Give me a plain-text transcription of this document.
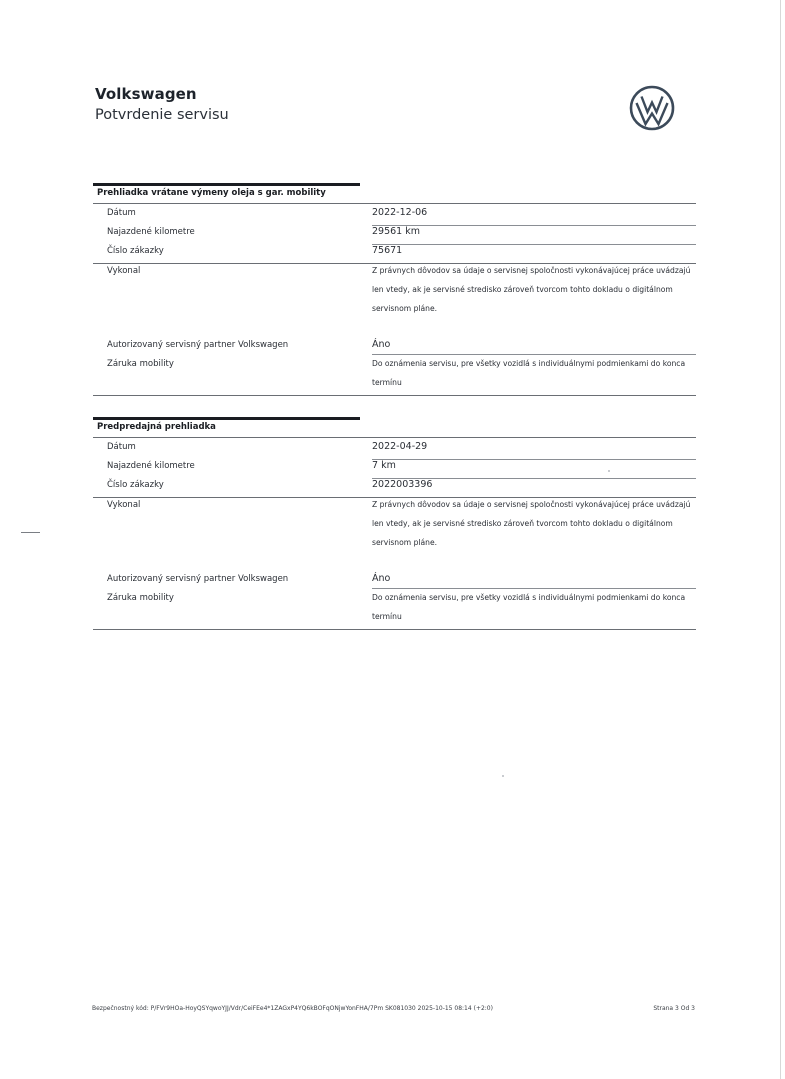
Volkswagen
Potvrdenie servisu
Prehliadka vrátane výmeny oleja s gar. mobility
Dátum	2022-12-06
Najazdené kilometre	29561 km
Číslo zákazky	75671
Vykonal	Z právnych dôvodov sa údaje o servisnej spoločnosti vykonávajúcej práce uvádzajú len vtedy, ak je servisné stredisko zároveň tvorcom tohto dokladu o digitálnom servisnom pláne.
Autorizovaný servisný partner Volkswagen	Áno
Záruka mobility	Do oznámenia servisu, pre všetky vozidlá s individuálnymi podmienkami do konca termínu
Predpredajná prehliadka
Dátum	2022-04-29
Najazdené kilometre	7 km
Číslo zákazky	2022003396
Vykonal	Z právnych dôvodov sa údaje o servisnej spoločnosti vykonávajúcej práce uvádzajú len vtedy, ak je servisné stredisko zároveň tvorcom tohto dokladu o digitálnom servisnom pláne.
Autorizovaný servisný partner Volkswagen	Áno
Záruka mobility	Do oznámenia servisu, pre všetky vozidlá s individuálnymi podmienkami do konca termínu
Bezpečnostný kód: P/FVr9HOa-HoyQSYqwoYJJ/Vdr/CeiFEe4*1ZAGxP4YQ6kBOFqONjwYonFHA/7Pm SK081030 2025-10-15 08:14 (+2:0)	Strana 3 Od 3
